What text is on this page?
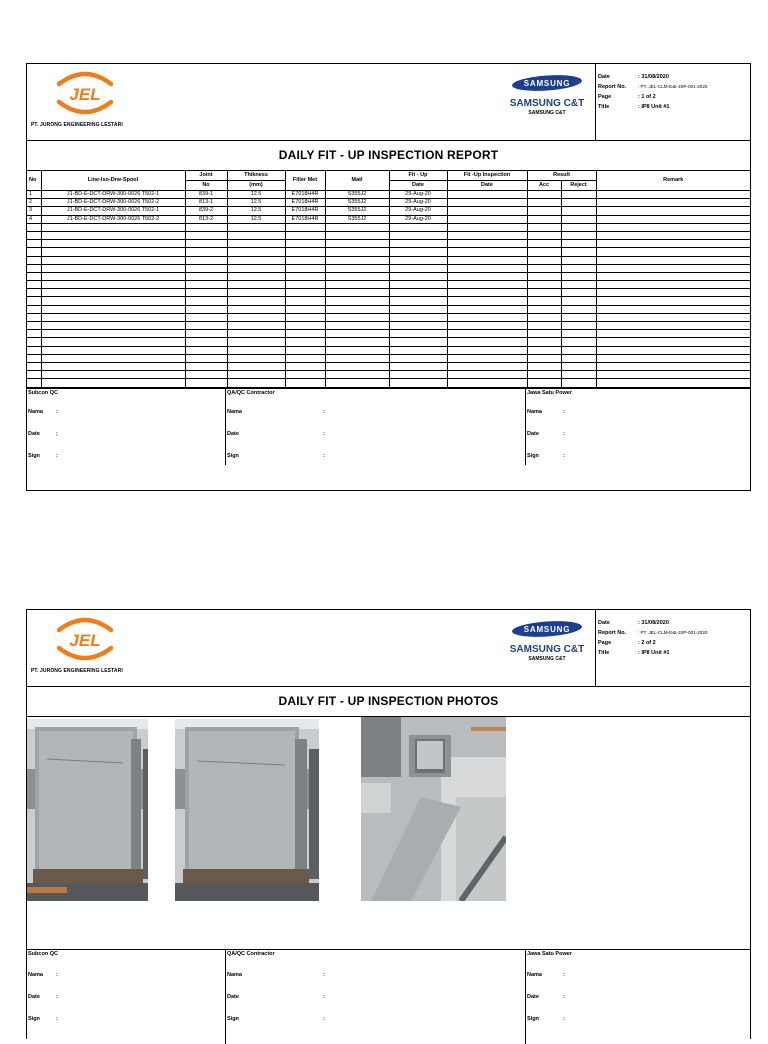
JEL
PT. JURONG ENGINEERING LESTARI
SAMSUNG
SAMSUNG C&T
SAMSUNG C&T
Date	: 31/08/2020
Report No.	: PT. JEL-CLM-E&I-JSP-001-2020
Page	: 1 of 2
Title	: IP8 Unit #1
DAILY FIT - UP INSPECTION REPORT
No	Line-Iso-Drw-Spool	Joint	Thikness	Filler Met	Matl	Fit - Up	Fit -Up Inspection	Result		Remark
		No	(mm)			Date	Date	Acc	Reject	
1	J1-BD-E-DCT-DRW-300-0026 T502-1	839-1	12.5	E7018H4R	S355J2	29-Aug-20				
2	J1-BD-E-DCT-DRW-300-0026 T502-2	813-1	12.5	E7018H4R	S355J2	29-Aug-20				
3	J1-BD-E-DCT-DRW-300-0026 T502-1	839-2	12.5	E7018H4R	S355J2	29-Aug-20				
4	J1-BD-E-DCT-DRW-300-0026 T502-2	813-2	12.5	E7018H4R	S355J2	29-Aug-20				

Subcon QC
Nama :
Date	;
Sign	:
QA/QC Contractor
Nama	:
Date	:
Sign	:
Jawa Satu Power
Nama	:
Date	:
Sign	:
JEL
PT. JURONG ENGINEERING LESTARI
SAMSUNG
SAMSUNG C&T
SAMSUNG C&T
Date	: 31/08/2020
Report No.	: PT. JEL-CLM-E&I-JSP-001-2020
Page	: 2 of 2
Title	: IP8 Unit #1
DAILY FIT - UP INSPECTION PHOTOS
Subcon QC
Nama :
Date	:
Sign	:
QA/QC Contractor
Nama	:
Date	:
Sign	:
Jawa Satu Power
Nama	:
Date	:
Sign	:
